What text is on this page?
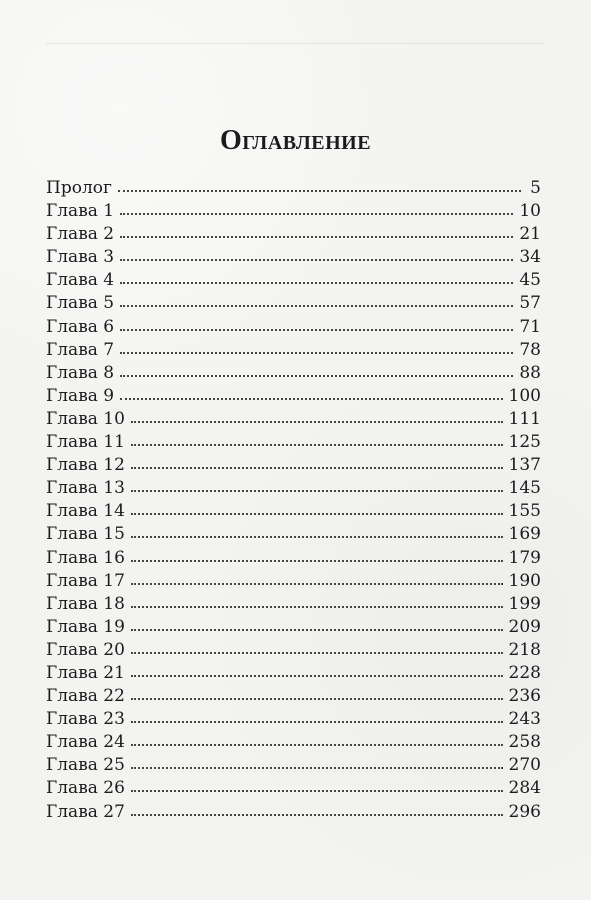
Оглавление
Пролог	5
Глава 1	10
Глава 2	21
Глава 3	34
Глава 4	45
Глава 5	57
Глава 6	71
Глава 7	78
Глава 8	88
Глава 9	100
Глава 10	111
Глава 11	125
Глава 12	137
Глава 13	145
Глава 14	155
Глава 15	169
Глава 16	179
Глава 17	190
Глава 18	199
Глава 19	209
Глава 20	218
Глава 21	228
Глава 22	236
Глава 23	243
Глава 24	258
Глава 25	270
Глава 26	284
Глава 27	296
